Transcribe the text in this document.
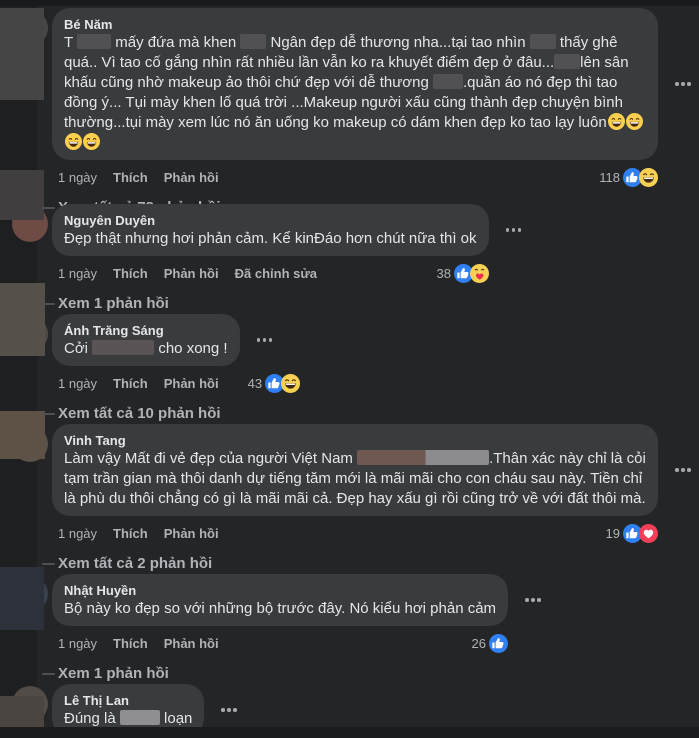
Bé Năm
T  mấy đứa mà khen  Ngân đẹp dễ thương nha...tại tao nhìn  thấy ghê quá.. Vì tao cố gắng nhìn rất nhiều lần vẫn ko ra khuyết điểm đẹp ở đâu... lên sân khấu cũng nhờ makeup ảo thôi chứ đẹp với dễ thương .quần áo nó đẹp thì tao đồng ý... Tụi mày khen lố quá trời ...Makeup người xấu cũng thành đẹp chuyện bình thường...tụi mày xem lúc nó ăn uống ko makeup có dám khen đẹp ko tao lạy luôn
1 ngày Thích Phản hồi	118
Nguyên Duyên
Đẹp thật nhưng hơi phản cảm. Kể kinĐáo hơn chút nữa thì ok
1 ngày Thích Phản hồi Đã chỉnh sửa	38
Xem 1 phản hồi
Ánh Trăng Sáng
Cởi	cho xong !
1 ngày Thích Phản hồi 43
Xem tất cả 10 phản hồi
Vinh Tang
Làm vậy Mất đi vẻ đẹp của người Việt Nam	.Thân xác này chỉ là cỏi tạm trần gian mà thôi danh dự tiếng tăm mới là mãi mãi cho con cháu sau này. Tiền chỉ là phù du thôi chẳng có gì là mãi mãi cả. Đẹp hay xấu gì rồi cũng trở về với đất thôi mà.
1 ngày Thích Phản hồi	19
Xem tất cả 2 phản hồi
Nhật Huyền
Bộ này ko đẹp so với những bộ trước đây. Nó kiểu hơi phản cảm
1 ngày Thích Phản hồi	26
Xem 1 phản hồi
Lê Thị Lan
Đúng là	loạn
